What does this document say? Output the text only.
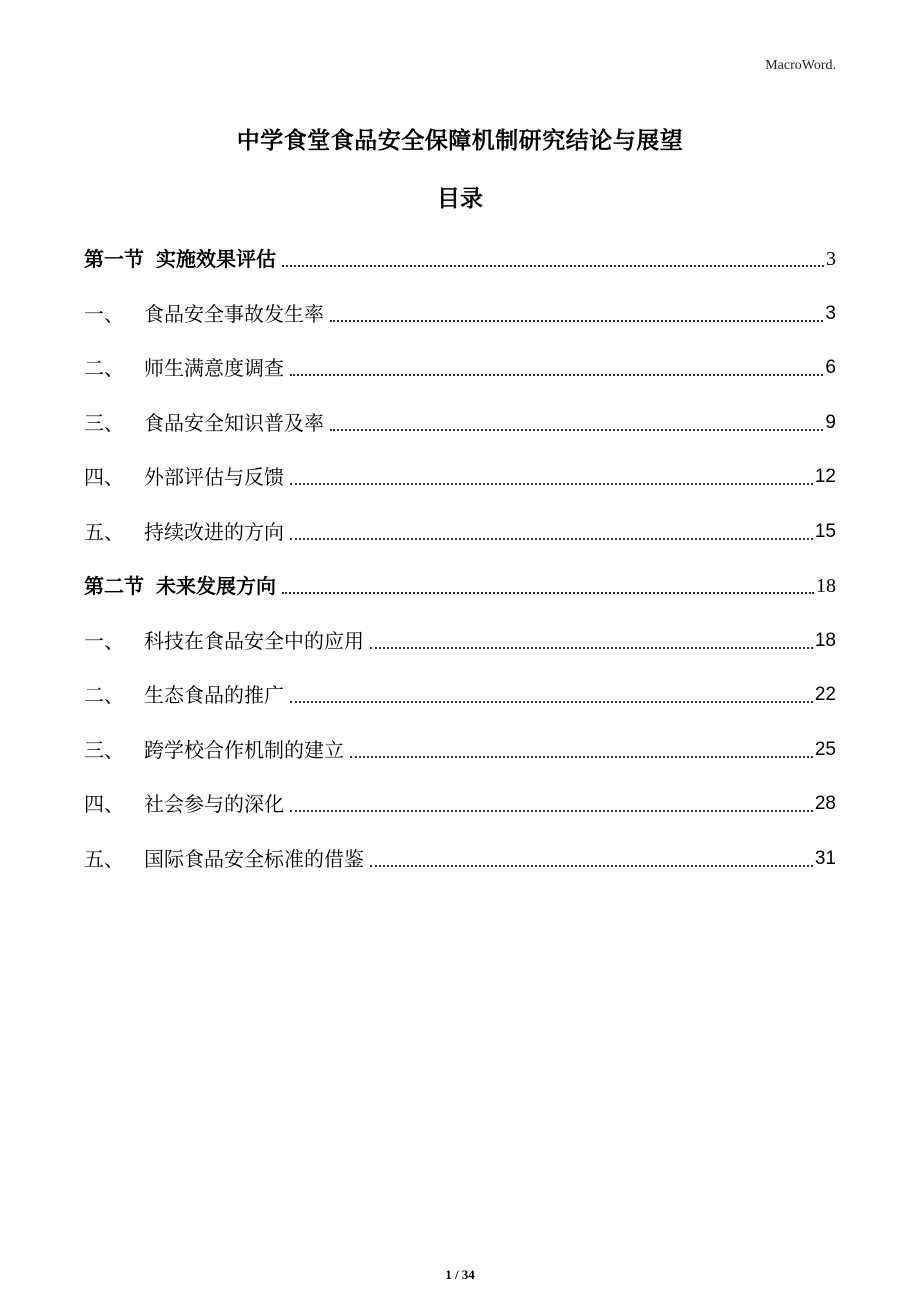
MacroWord.
中学食堂食品安全保障机制研究结论与展望
目录
第一节 实施效果评估	3
一、	食品安全事故发生率	3
二、	师生满意度调查	6
三、	食品安全知识普及率	9
四、	外部评估与反馈	12
五、	持续改进的方向	15
第二节 未来发展方向	18
一、	科技在食品安全中的应用	18
二、	生态食品的推广	22
三、	跨学校合作机制的建立	25
四、	社会参与的深化	28
五、	国际食品安全标准的借鉴	31
1 / 34
